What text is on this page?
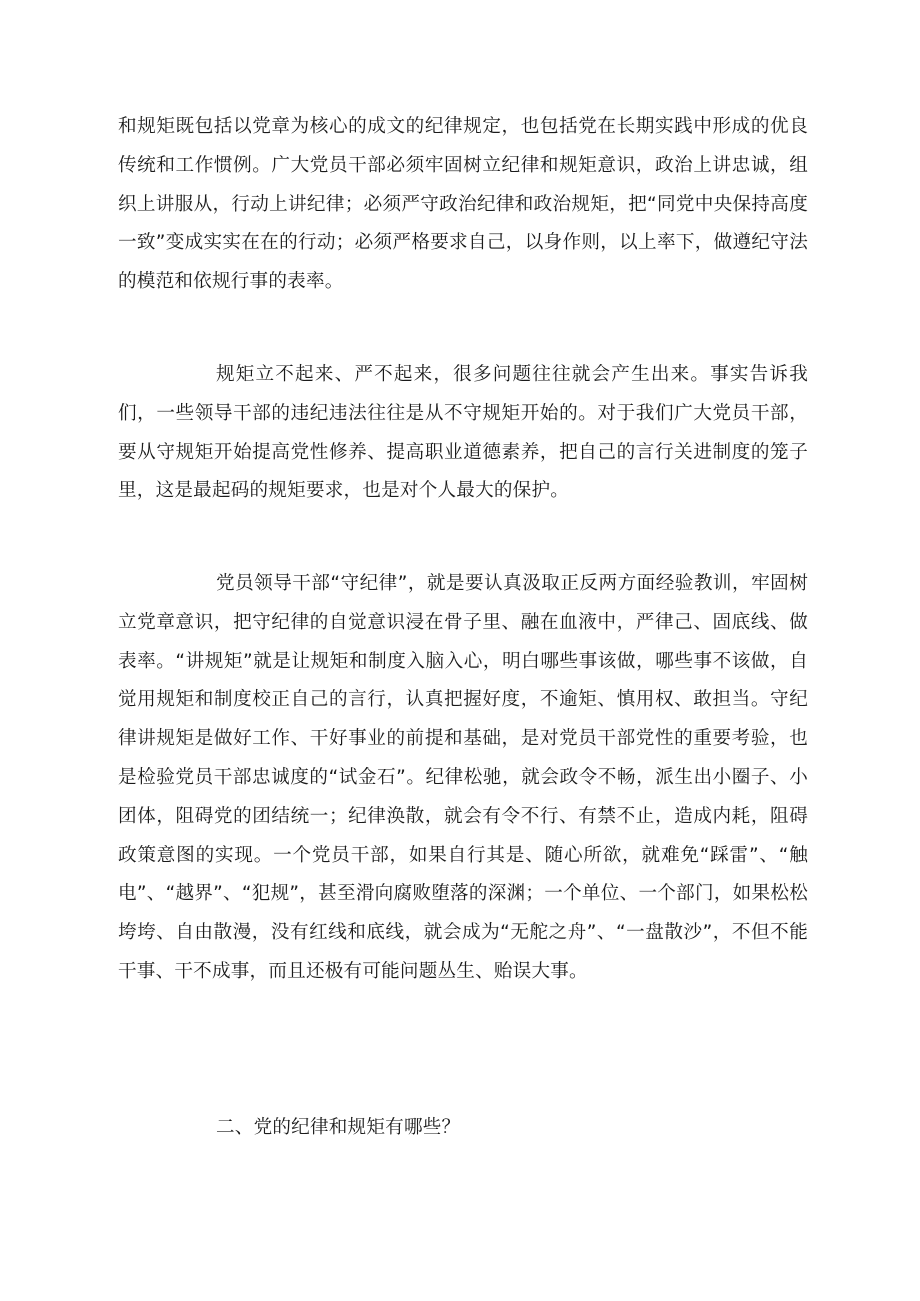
和规矩既包括以党章为核心的成文的纪律规定，也包括党在长期实践中形成的优良传统和工作惯例。广大党员干部必须牢固树立纪律和规矩意识，政治上讲忠诚，组织上讲服从，行动上讲纪律；必须严守政治纪律和政治规矩，把“同党中央保持高度一致”变成实实在在的行动；必须严格要求自己，以身作则，以上率下，做遵纪守法的模范和依规行事的表率。

规矩立不起来、严不起来，很多问题往往就会产生出来。事实告诉我们，一些领导干部的违纪违法往往是从不守规矩开始的。对于我们广大党员干部，要从守规矩开始提高党性修养、提高职业道德素养，把自己的言行关进制度的笼子里，这是最起码的规矩要求，也是对个人最大的保护。

党员领导干部“守纪律”，就是要认真汲取正反两方面经验教训，牢固树立党章意识，把守纪律的自觉意识浸在骨子里、融在血液中，严律己、固底线、做表率。“讲规矩”就是让规矩和制度入脑入心，明白哪些事该做，哪些事不该做，自觉用规矩和制度校正自己的言行，认真把握好度，不逾矩、慎用权、敢担当。守纪律讲规矩是做好工作、干好事业的前提和基础，是对党员干部党性的重要考验，也是检验党员干部忠诚度的“试金石”。纪律松驰，就会政令不畅，派生出小圈子、小团体，阻碍党的团结统一；纪律涣散，就会有令不行、有禁不止，造成内耗，阻碍政策意图的实现。一个党员干部，如果自行其是、随心所欲，就难免“踩雷”、“触电”、“越界”、“犯规”，甚至滑向腐败堕落的深渊；一个单位、一个部门，如果松松垮垮、自由散漫，没有红线和底线，就会成为“无舵之舟”、“一盘散沙”，不但不能干事、干不成事，而且还极有可能问题丛生、贻误大事。

二、党的纪律和规矩有哪些？
